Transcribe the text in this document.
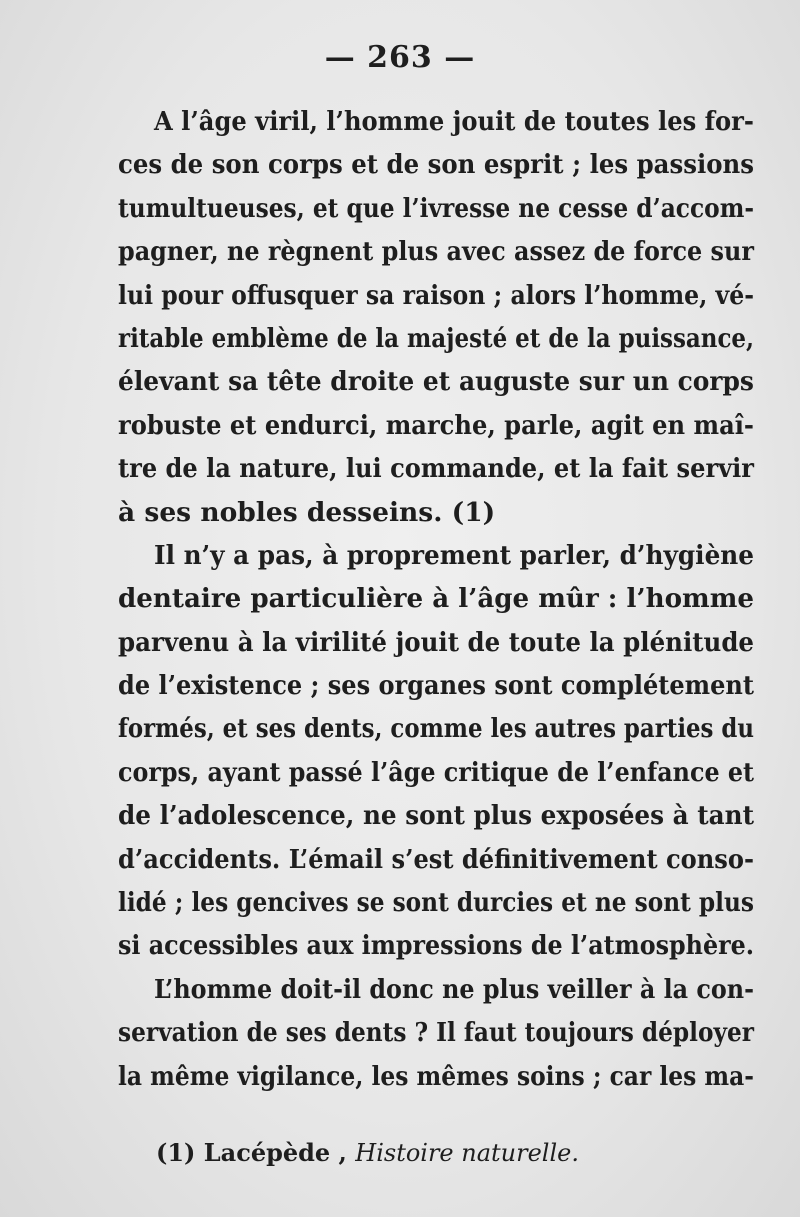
— 263 —
A l’âge viril, l’homme jouit de toutes les for-
ces de son corps et de son esprit ; les passions
tumultueuses, et que l’ivresse ne cesse d’accom-
pagner, ne règnent plus avec assez de force sur
lui pour offusquer sa raison ; alors l’homme, vé-
ritable emblème de la majesté et de la puissance,
élevant sa tête droite et auguste sur un corps
robuste et endurci, marche, parle, agit en maî-
tre de la nature, lui commande, et la fait servir
à ses nobles desseins. (1)
Il n’y a pas, à proprement parler, d’hygiène
dentaire particulière à l’âge mûr : l’homme
parvenu à la virilité jouit de toute la plénitude
de l’existence ; ses organes sont complétement
formés, et ses dents, comme les autres parties du
corps, ayant passé l’âge critique de l’enfance et
de l’adolescence, ne sont plus exposées à tant
d’accidents. L’émail s’est définitivement conso-
lidé ; les gencives se sont durcies et ne sont plus
si accessibles aux impressions de l’atmosphère.
L’homme doit-il donc ne plus veiller à la con-
servation de ses dents ? Il faut toujours déployer
la même vigilance, les mêmes soins ; car les ma-
(1) Lacépède , Histoire naturelle.
